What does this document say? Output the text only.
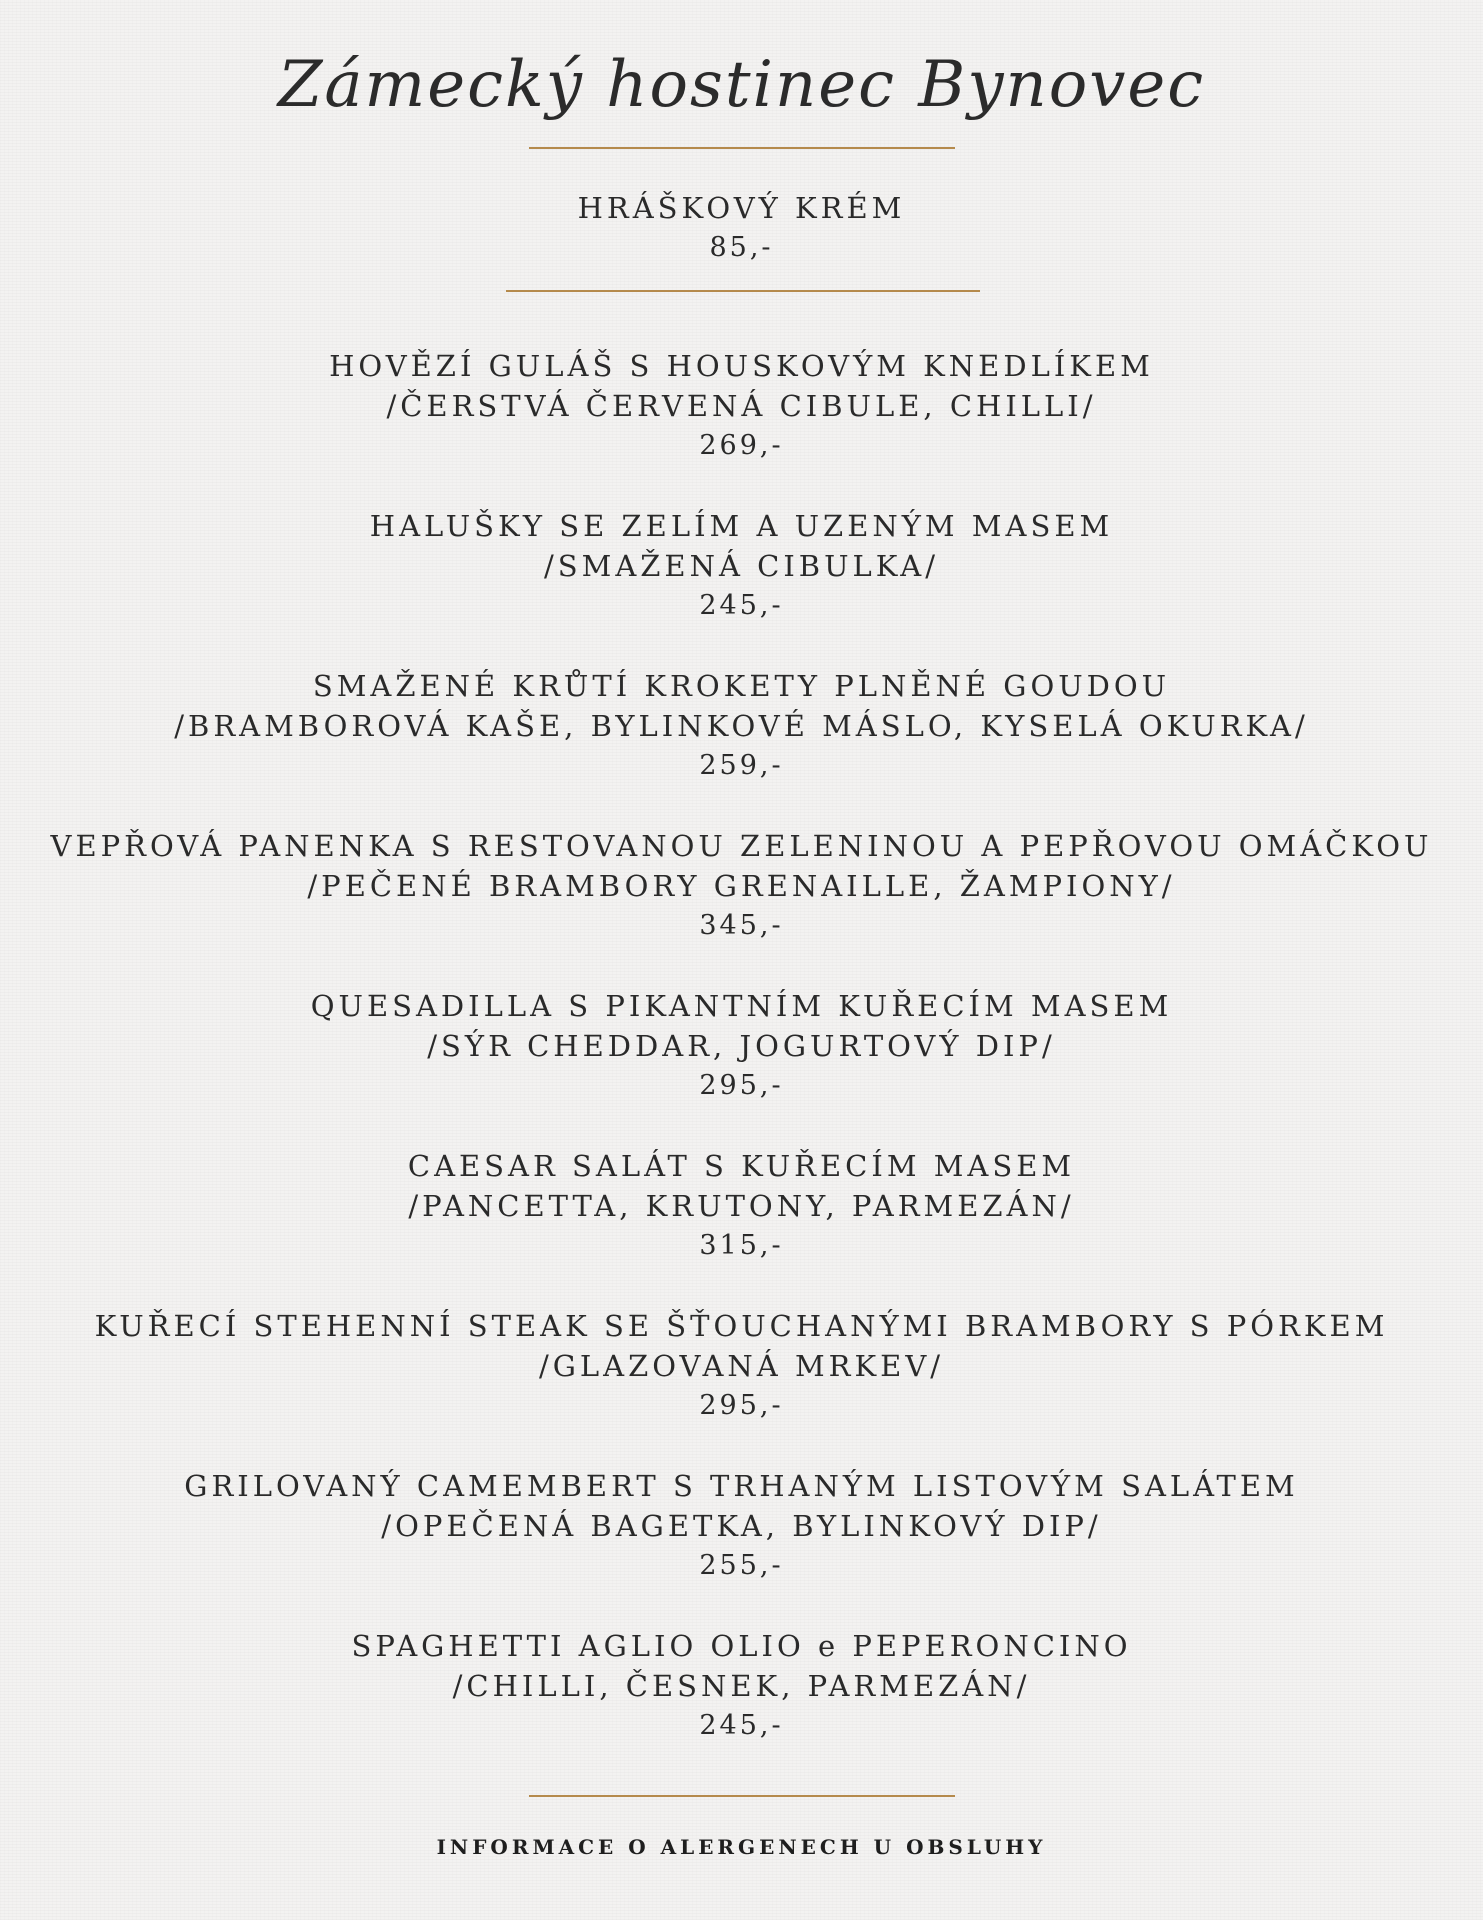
Zámecký hostinec Bynovec
HRÁŠKOVÝ KRÉM
85,-
HOVĚZÍ GULÁŠ S HOUSKOVÝM KNEDLÍKEM
/ČERSTVÁ ČERVENÁ CIBULE, CHILLI/
269,-
HALUŠKY SE ZELÍM A UZENÝM MASEM
/SMAŽENÁ CIBULKA/
245,-
SMAŽENÉ KRŮTÍ KROKETY PLNĚNÉ GOUDOU
/BRAMBOROVÁ KAŠE, BYLINKOVÉ MÁSLO, KYSELÁ OKURKA/
259,-
VEPŘOVÁ PANENKA S RESTOVANOU ZELENINOU A PEPŘOVOU OMÁČKOU
/PEČENÉ BRAMBORY GRENAILLE, ŽAMPIONY/
345,-
QUESADILLA S PIKANTNÍM KUŘECÍM MASEM
/SÝR CHEDDAR, JOGURTOVÝ DIP/
295,-
CAESAR SALÁT S KUŘECÍM MASEM
/PANCETTA, KRUTONY, PARMEZÁN/
315,-
KUŘECÍ STEHENNÍ STEAK SE ŠŤOUCHANÝMI BRAMBORY S PÓRKEM
/GLAZOVANÁ MRKEV/
295,-
GRILOVANÝ CAMEMBERT S TRHANÝM LISTOVÝM SALÁTEM
/OPEČENÁ BAGETKA, BYLINKOVÝ DIP/
255,-
SPAGHETTI AGLIO OLIO e PEPERONCINO
/CHILLI, ČESNEK, PARMEZÁN/
245,-
INFORMACE O ALERGENECH U OBSLUHY
